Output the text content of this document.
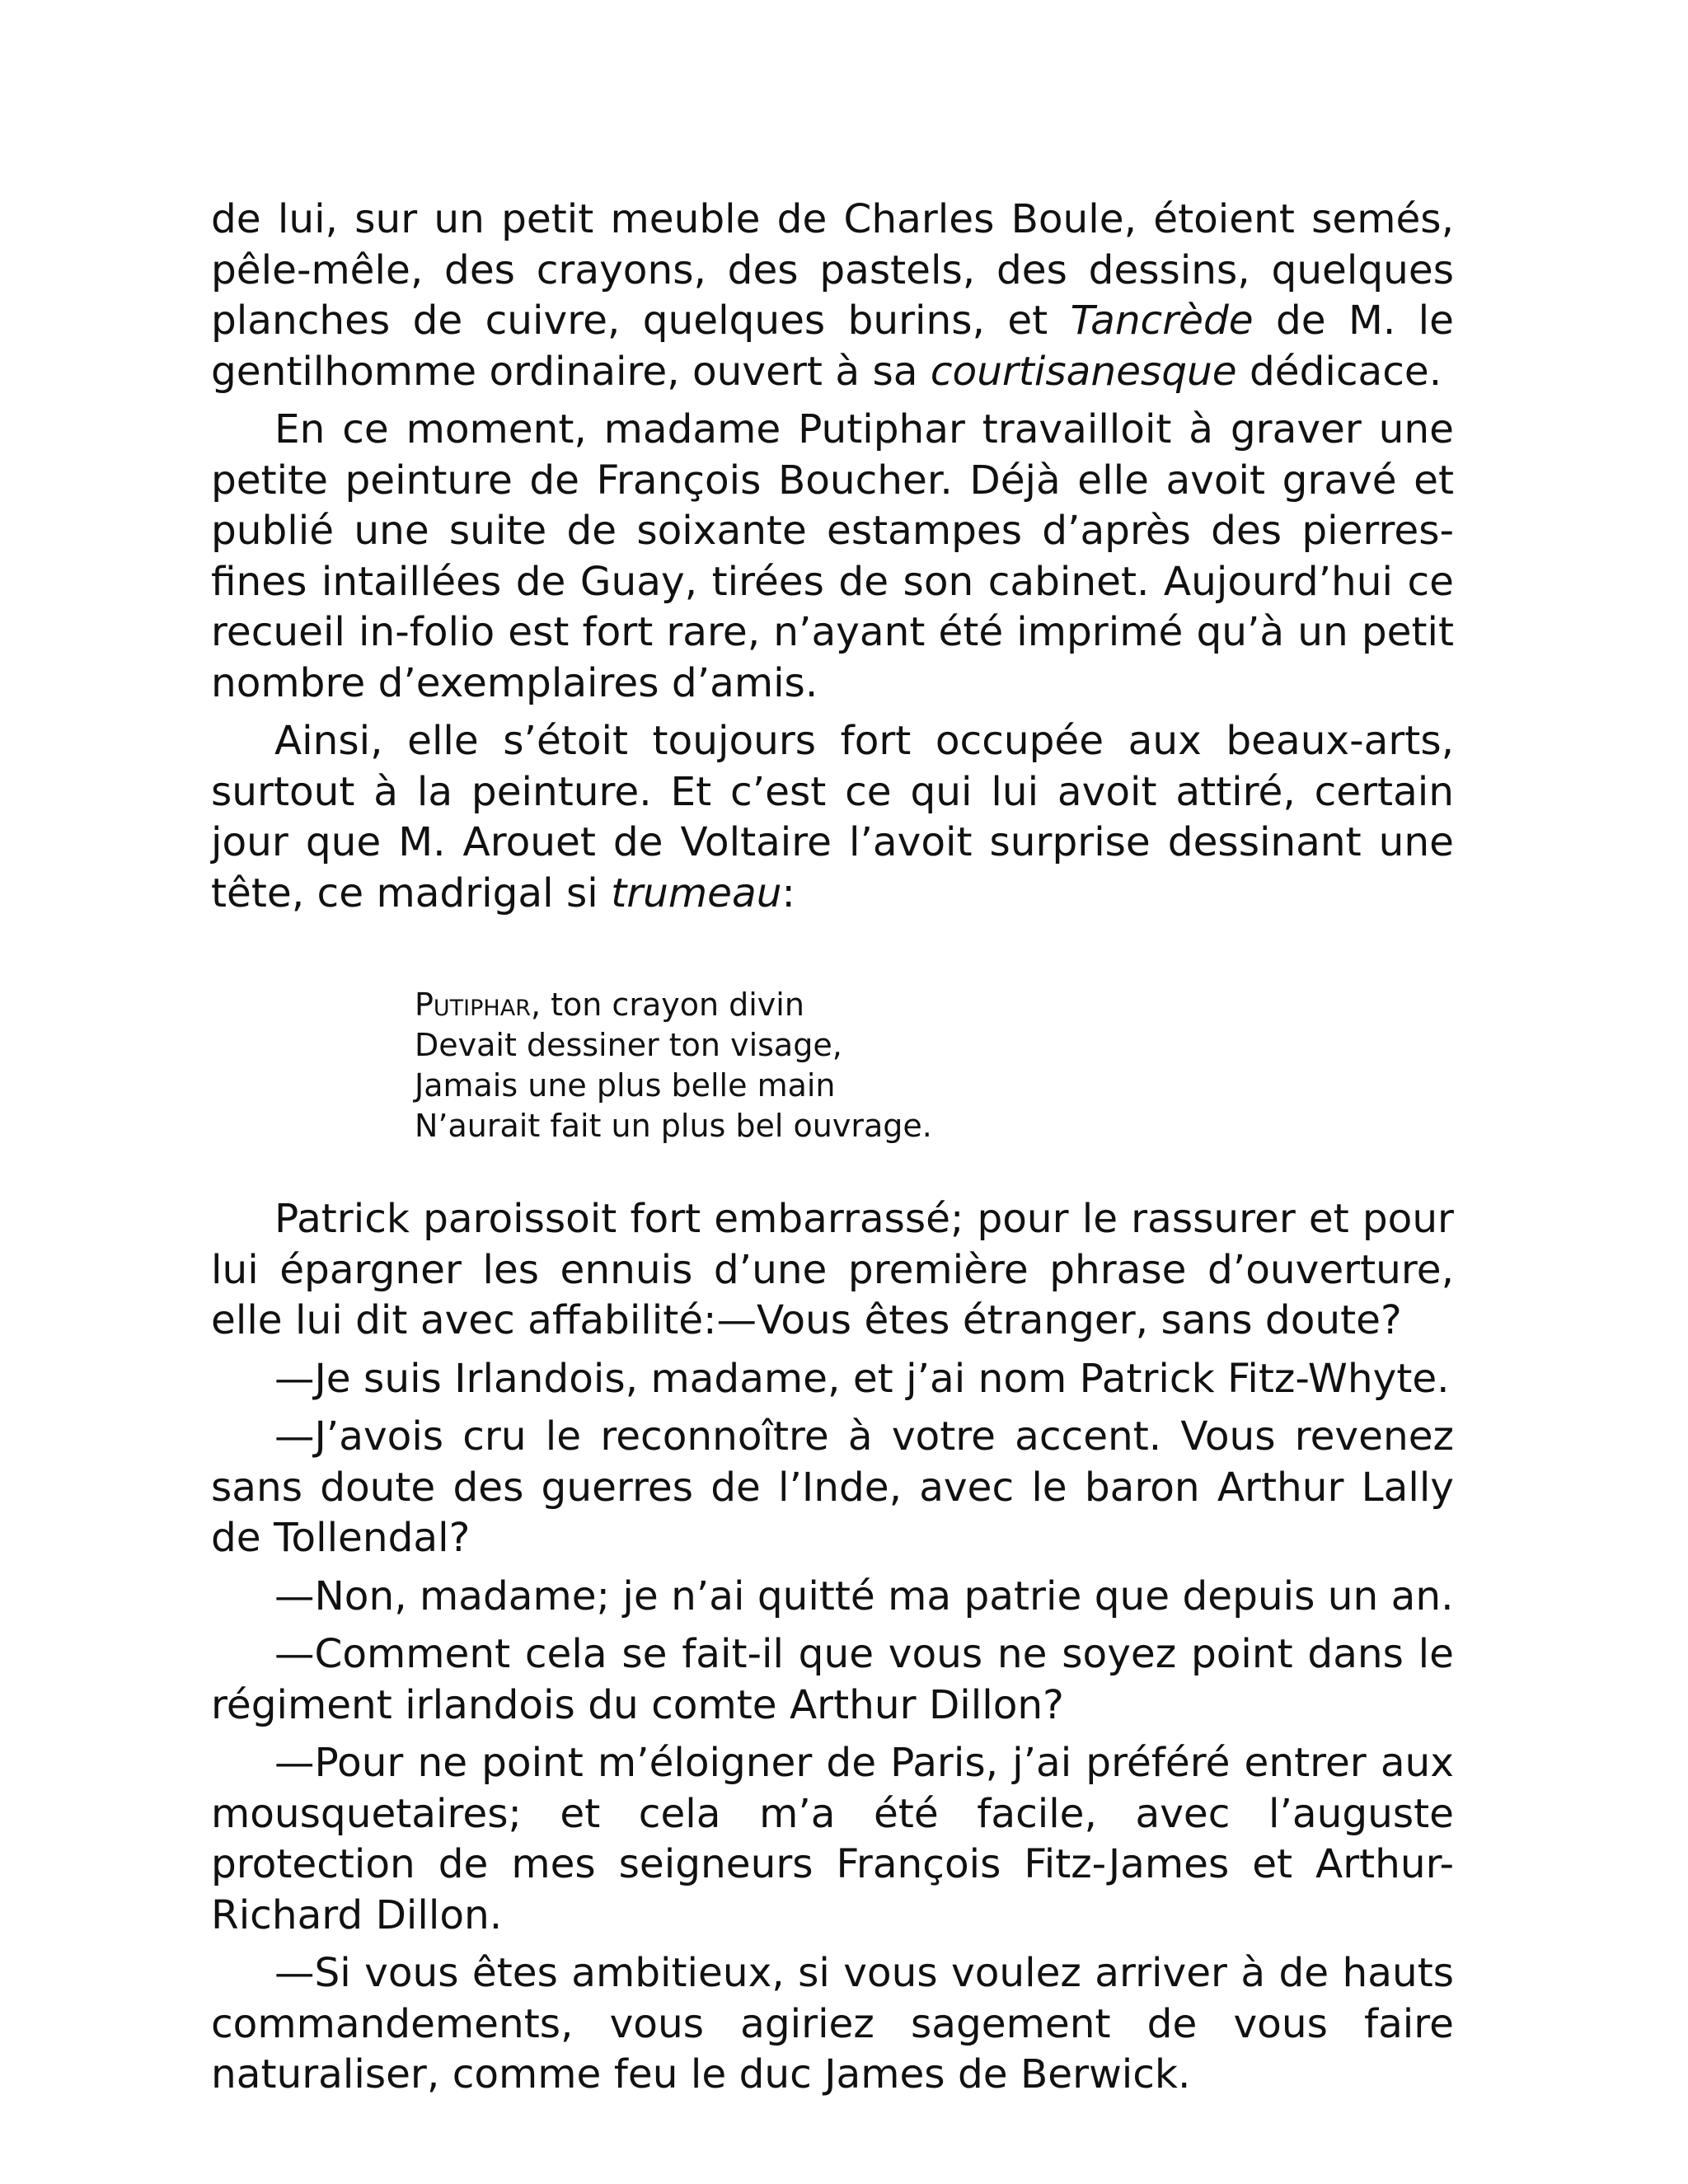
de lui, sur un petit meuble de Charles Boule, étoient semés, pêle-mêle, des crayons, des pastels, des dessins, quelques planches de cuivre, quelques burins, et Tancrède de M. le gentilhomme ordinaire, ouvert à sa courtisanesque dédicace.

En ce moment, madame Putiphar travailloit à graver une petite peinture de François Boucher. Déjà elle avoit gravé et publié une suite de soixante estampes d’après des pierres-fines intaillées de Guay, tirées de son cabinet. Aujourd’hui ce recueil in-folio est fort rare, n’ayant été imprimé qu’à un petit nombre d’exemplaires d’amis.

Ainsi, elle s’étoit toujours fort occupée aux beaux-arts, surtout à la peinture. Et c’est ce qui lui avoit attiré, certain jour que M. Arouet de Voltaire l’avoit surprise dessinant une tête, ce madrigal si trumeau:

Putiphar, ton crayon divin
Devait dessiner ton visage,
Jamais une plus belle main
N’aurait fait un plus bel ouvrage.

Patrick paroissoit fort embarrassé; pour le rassurer et pour lui épargner les ennuis d’une première phrase d’ouverture, elle lui dit avec affabilité:—Vous êtes étranger, sans doute?

—Je suis Irlandois, madame, et j’ai nom Patrick Fitz-Whyte.

—J’avois cru le reconnoître à votre accent. Vous revenez sans doute des guerres de l’Inde, avec le baron Arthur Lally de Tollendal?

—Non, madame; je n’ai quitté ma patrie que depuis un an.

—Comment cela se fait-il que vous ne soyez point dans le régiment irlandois du comte Arthur Dillon?

—Pour ne point m’éloigner de Paris, j’ai préféré entrer aux mousquetaires; et cela m’a été facile, avec l’auguste protection de mes seigneurs François Fitz-James et Arthur-Richard Dillon.

—Si vous êtes ambitieux, si vous voulez arriver à de hauts commandements, vous agiriez sagement de vous faire naturaliser, comme feu le duc James de Berwick.
